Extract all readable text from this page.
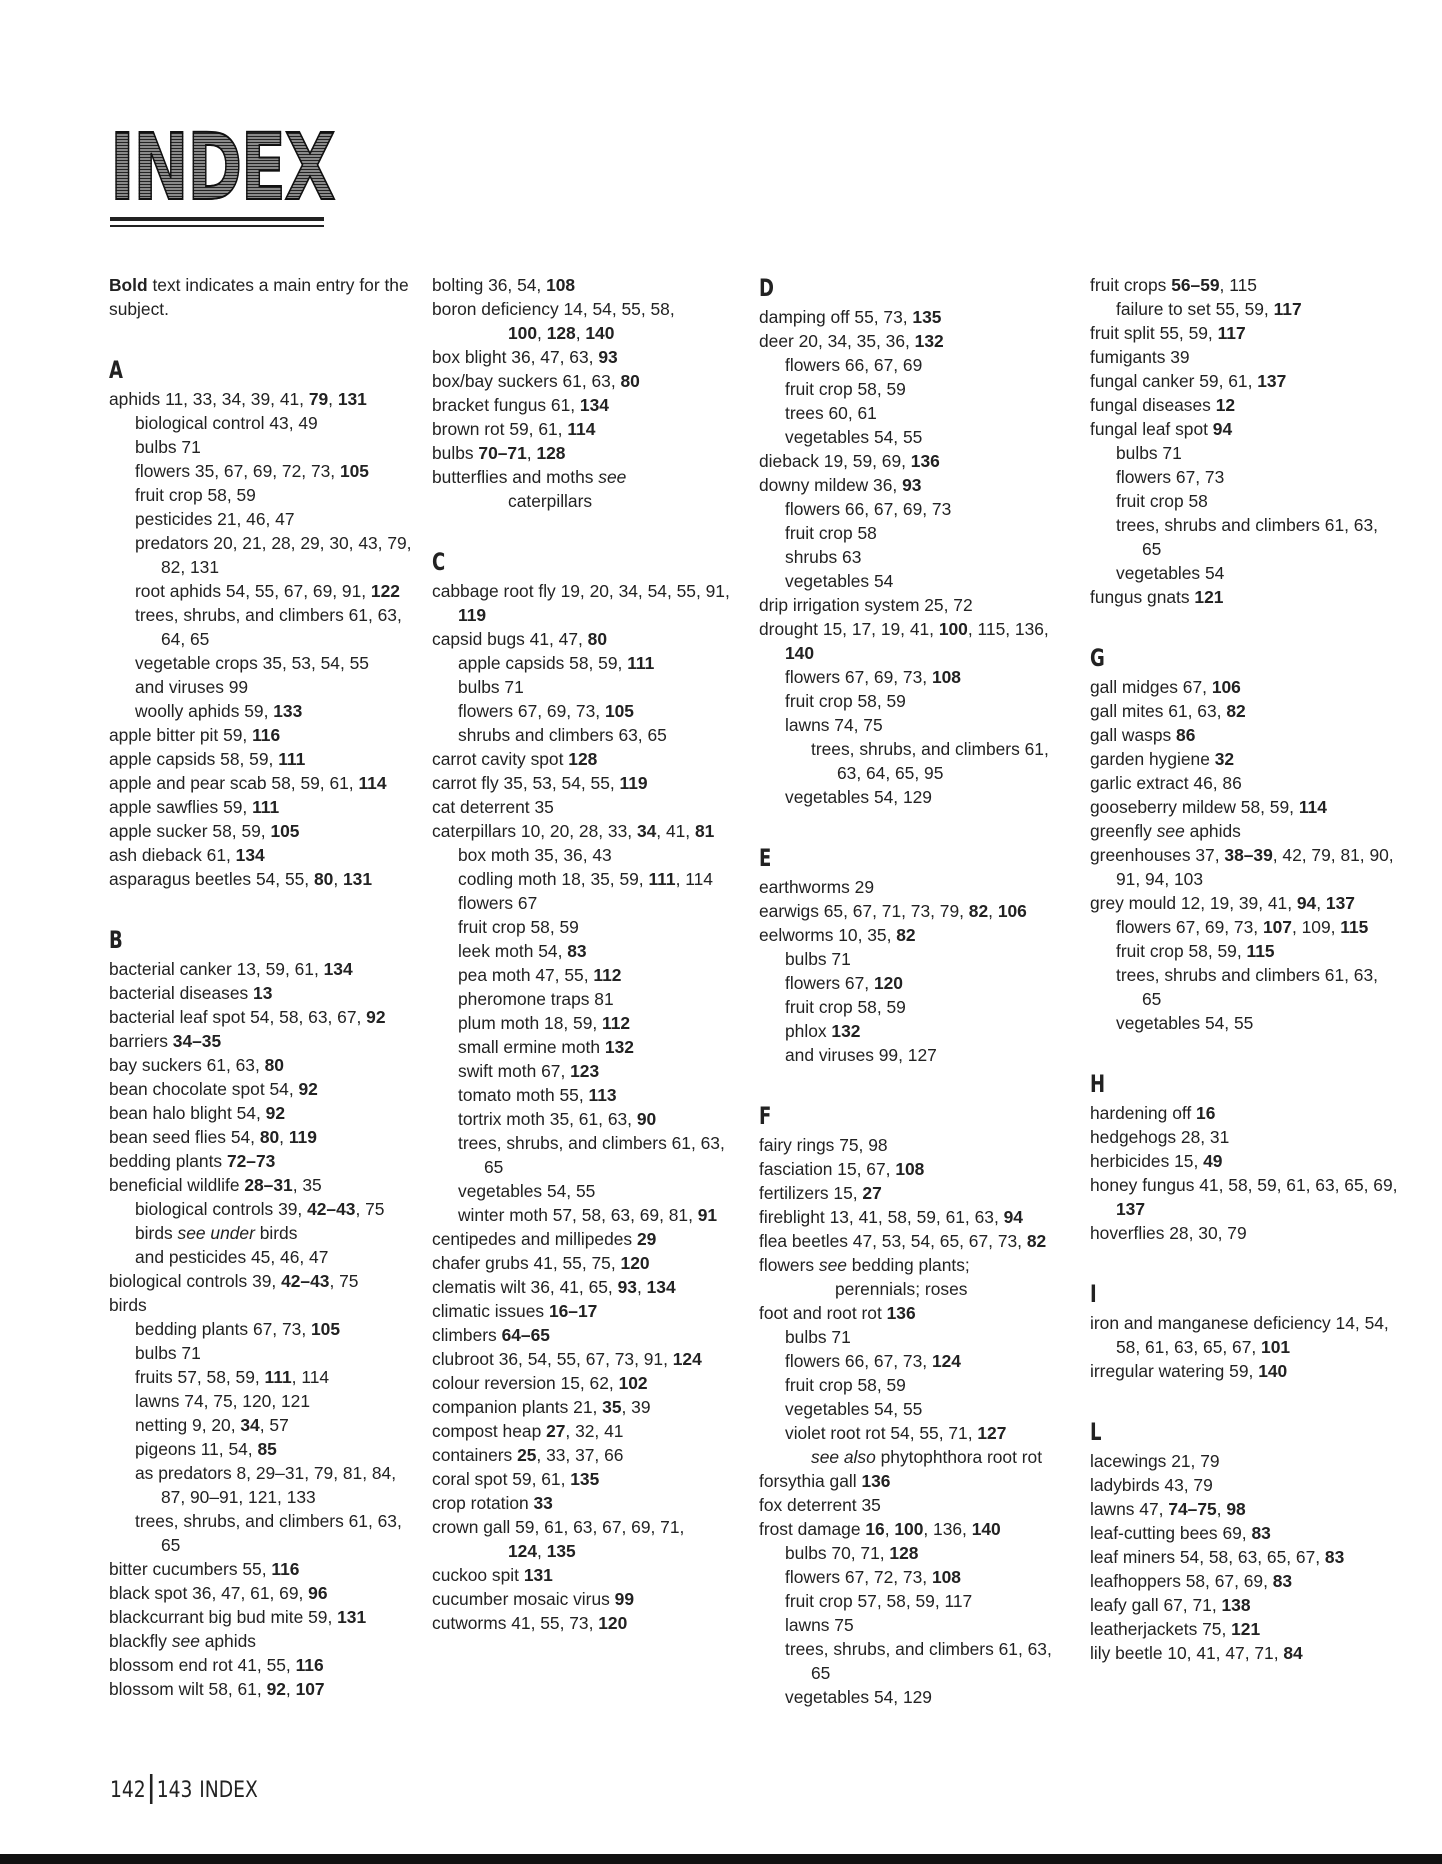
INDEX

Bold text indicates a main entry for the subject.

A

aphids 11, 33, 34, 39, 41, 79, 131

biological control 43, 49

bulbs 71

flowers 35, 67, 69, 72, 73, 105

fruit crop 58, 59

pesticides 21, 46, 47

predators 20, 21, 28, 29, 30, 43, 79, 82, 131

root aphids 54, 55, 67, 69, 91, 122

trees, shrubs, and climbers 61, 63, 64, 65

vegetable crops 35, 53, 54, 55

and viruses 99

woolly aphids 59, 133

apple bitter pit 59, 116

apple capsids 58, 59, 111

apple and pear scab 58, 59, 61, 114

apple sawflies 59, 111

apple sucker 58, 59, 105

ash dieback 61, 134

asparagus beetles 54, 55, 80, 131

B

bacterial canker 13, 59, 61, 134

bacterial diseases 13

bacterial leaf spot 54, 58, 63, 67, 92

barriers 34–35

bay suckers 61, 63, 80

bean chocolate spot 54, 92

bean halo blight 54, 92

bean seed flies 54, 80, 119

bedding plants 72–73

beneficial wildlife 28–31, 35

biological controls 39, 42–43, 75

birds see under birds

and pesticides 45, 46, 47

biological controls 39, 42–43, 75

birds

bedding plants 67, 73, 105

bulbs 71

fruits 57, 58, 59, 111, 114

lawns 74, 75, 120, 121

netting 9, 20, 34, 57

pigeons 11, 54, 85

as predators 8, 29–31, 79, 81, 84, 87, 90–91, 121, 133

trees, shrubs, and climbers 61, 63, 65

bitter cucumbers 55, 116

black spot 36, 47, 61, 69, 96

blackcurrant big bud mite 59, 131

blackfly see aphids

blossom end rot 41, 55, 116

blossom wilt 58, 61, 92, 107

bolting 36, 54, 108

boron deficiency 14, 54, 55, 58,

100, 128, 140

box blight 36, 47, 63, 93

box/bay suckers 61, 63, 80

bracket fungus 61, 134

brown rot 59, 61, 114

bulbs 70–71, 128

butterflies and moths see

caterpillars

C

cabbage root fly 19, 20, 34, 54, 55, 91, 119

capsid bugs 41, 47, 80

apple capsids 58, 59, 111

bulbs 71

flowers 67, 69, 73, 105

shrubs and climbers 63, 65

carrot cavity spot 128

carrot fly 35, 53, 54, 55, 119

cat deterrent 35

caterpillars 10, 20, 28, 33, 34, 41, 81

box moth 35, 36, 43

codling moth 18, 35, 59, 111, 114

flowers 67

fruit crop 58, 59

leek moth 54, 83

pea moth 47, 55, 112

pheromone traps 81

plum moth 18, 59, 112

small ermine moth 132

swift moth 67, 123

tomato moth 55, 113

tortrix moth 35, 61, 63, 90

trees, shrubs, and climbers 61, 63, 65

vegetables 54, 55

winter moth 57, 58, 63, 69, 81, 91

centipedes and millipedes 29

chafer grubs 41, 55, 75, 120

clematis wilt 36, 41, 65, 93, 134

climatic issues 16–17

climbers 64–65

clubroot 36, 54, 55, 67, 73, 91, 124

colour reversion 15, 62, 102

companion plants 21, 35, 39

compost heap 27, 32, 41

containers 25, 33, 37, 66

coral spot 59, 61, 135

crop rotation 33

crown gall 59, 61, 63, 67, 69, 71,

124, 135

cuckoo spit 131

cucumber mosaic virus 99

cutworms 41, 55, 73, 120

D

damping off 55, 73, 135

deer 20, 34, 35, 36, 132

flowers 66, 67, 69

fruit crop 58, 59

trees 60, 61

vegetables 54, 55

dieback 19, 59, 69, 136

downy mildew 36, 93

flowers 66, 67, 69, 73

fruit crop 58

shrubs 63

vegetables 54

drip irrigation system 25, 72

drought 15, 17, 19, 41, 100, 115, 136, 140

flowers 67, 69, 73, 108

fruit crop 58, 59

lawns 74, 75

trees, shrubs, and climbers 61, 63, 64, 65, 95

vegetables 54, 129

E

earthworms 29

earwigs 65, 67, 71, 73, 79, 82, 106

eelworms 10, 35, 82

bulbs 71

flowers 67, 120

fruit crop 58, 59

phlox 132

and viruses 99, 127

F

fairy rings 75, 98

fasciation 15, 67, 108

fertilizers 15, 27

fireblight 13, 41, 58, 59, 61, 63, 94

flea beetles 47, 53, 54, 65, 67, 73, 82

flowers see bedding plants;

perennials; roses

foot and root rot 136

bulbs 71

flowers 66, 67, 73, 124

fruit crop 58, 59

vegetables 54, 55

violet root rot 54, 55, 71, 127

see also phytophthora root rot

forsythia gall 136

fox deterrent 35

frost damage 16, 100, 136, 140

bulbs 70, 71, 128

flowers 67, 72, 73, 108

fruit crop 57, 58, 59, 117

lawns 75

trees, shrubs, and climbers 61, 63, 65

vegetables 54, 129

fruit crops 56–59, 115

failure to set 55, 59, 117

fruit split 55, 59, 117

fumigants 39

fungal canker 59, 61, 137

fungal diseases 12

fungal leaf spot 94

bulbs 71

flowers 67, 73

fruit crop 58

trees, shrubs and climbers 61, 63, 65

vegetables 54

fungus gnats 121

G

gall midges 67, 106

gall mites 61, 63, 82

gall wasps 86

garden hygiene 32

garlic extract 46, 86

gooseberry mildew 58, 59, 114

greenfly see aphids

greenhouses 37, 38–39, 42, 79, 81, 90, 91, 94, 103

grey mould 12, 19, 39, 41, 94, 137

flowers 67, 69, 73, 107, 109, 115

fruit crop 58, 59, 115

trees, shrubs and climbers 61, 63, 65

vegetables 54, 55

H

hardening off 16

hedgehogs 28, 31

herbicides 15, 49

honey fungus 41, 58, 59, 61, 63, 65, 69, 137

hoverflies 28, 30, 79

I

iron and manganese deficiency 14, 54, 58, 61, 63, 65, 67, 101

irregular watering 59, 140

L

lacewings 21, 79

ladybirds 43, 79

lawns 47, 74–75, 98

leaf-cutting bees 69, 83

leaf miners 54, 58, 63, 65, 67, 83

leafhoppers 58, 67, 69, 83

leafy gall 67, 71, 138

leatherjackets 75, 121

lily beetle 10, 41, 47, 71, 84

142 143 INDEX
